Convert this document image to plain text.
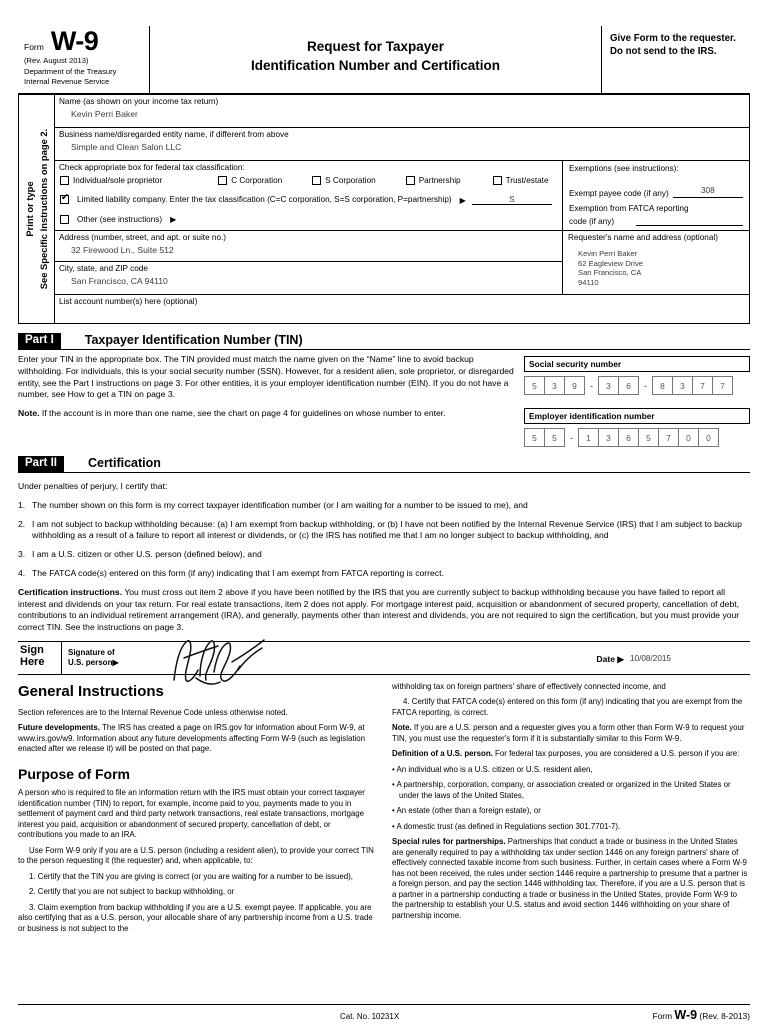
Form W-9
(Rev. August 2013)
Department of the Treasury
Internal Revenue Service
Request for Taxpayer
Identification Number and Certification
Give Form to the requester. Do not send to the IRS.
Print or type See Specific Instructions on page 2.
Name (as shown on your income tax return)
Kevin Perri Baker
Business name/disregarded entity name, if different from above
Simple and Clean Salon LLC
Check appropriate box for federal tax classification:
Individual/sole proprietor	C Corporation	S Corporation	Partnership	Trust/estate
✔
Limited liability company. Enter the tax classification (C=C corporation, S=S corporation, P=partnership) ▶	S
Other (see instructions) ▶
Exemptions (see instructions):
Exempt payee code (if any)	308
Exemption from FATCA reporting
code (if any)
Address (number, street, and apt. or suite no.)
32 Firewood Ln., Suite 512
City, state, and ZIP code
San Francisco, CA 94110
Requester's name and address (optional)
Kevin Perri Baker
62 Eagleview Drive
San Francisco, CA
94110
List account number(s) here (optional)
Part I	Taxpayer Identification Number (TIN)

Enter your TIN in the appropriate box. The TIN provided must match the name given on the “Name” line to avoid backup withholding. For individuals, this is your social security number (SSN). However, for a resident alien, sole proprietor, or disregarded entity, see the Part I instructions on page 3. For other entities, it is your employer identification number (EIN). If you do not have a number, see How to get a TIN on page 3.

Note. If the account is in more than one name, see the chart on page 4 for guidelines on whose number to enter.

Social security number
5	3	9	-	3	6	-	8	3	7	7
Employer identification number
5	5	-	1	3	6	5	7	0	0
Part II	Certification

Under penalties of perjury, I certify that:

1. The number shown on this form is my correct taxpayer identification number (or I am waiting for a number to be issued to me), and

2. I am not subject to backup withholding because: (a) I am exempt from backup withholding, or (b) I have not been notified by the Internal Revenue Service (IRS) that I am subject to backup withholding as a result of a failure to report all interest or dividends, or (c) the IRS has notified me that I am no longer subject to backup withholding, and

3. I am a U.S. citizen or other U.S. person (defined below), and

4. The FATCA code(s) entered on this form (if any) indicating that I am exempt from FATCA reporting is correct.

Certification instructions. You must cross out item 2 above if you have been notified by the IRS that you are currently subject to backup withholding because you have failed to report all interest and dividends on your tax return. For real estate transactions, item 2 does not apply. For mortgage interest paid, acquisition or abandonment of secured property, cancellation of debt, contributions to an individual retirement arrangement (IRA), and generally, payments other than interest and dividends, you are not required to sign the certification, but you must provide your correct TIN. See the instructions on page 3.

Sign
Here
Signature of
U.S. person▶	Date ▶ 10/08/2015
General Instructions

Section references are to the Internal Revenue Code unless otherwise noted.

Future developments. The IRS has created a page on IRS.gov for information about Form W-9, at www.irs.gov/w9. Information about any future developments affecting Form W-9 (such as legislation enacted after we release it) will be posted on that page.

Purpose of Form

A person who is required to file an information return with the IRS must obtain your correct taxpayer identification number (TIN) to report, for example, income paid to you, payments made to you in settlement of payment card and third party network transactions, real estate transactions, mortgage interest you paid, acquisition or abandonment of secured property, cancellation of debt, or contributions you made to an IRA.

Use Form W-9 only if you are a U.S. person (including a resident alien), to provide your correct TIN to the person requesting it (the requester) and, when applicable, to:

1. Certify that the TIN you are giving is correct (or you are waiting for a number to be issued),

2. Certify that you are not subject to backup withholding, or

3. Claim exemption from backup withholding if you are a U.S. exempt payee. If applicable, you are also certifying that as a U.S. person, your allocable share of any partnership income from a U.S. trade or business is not subject to the

withholding tax on foreign partners' share of effectively connected income, and

4. Certify that FATCA code(s) entered on this form (if any) indicating that you are exempt from the FATCA reporting, is correct.

Note. If you are a U.S. person and a requester gives you a form other than Form W-9 to request your TIN, you must use the requester's form if it is substantially similar to this Form W-9.

Definition of a U.S. person. For federal tax purposes, you are considered a U.S. person if you are:

• An individual who is a U.S. citizen or U.S. resident alien,

• A partnership, corporation, company, or association created or organized in the United States or under the laws of the United States,

• An estate (other than a foreign estate), or

• A domestic trust (as defined in Regulations section 301.7701-7).

Special rules for partnerships. Partnerships that conduct a trade or business in the United States are generally required to pay a withholding tax under section 1446 on any foreign partners' share of effectively connected taxable income from such business. Further, in certain cases where a Form W-9 has not been received, the rules under section 1446 require a partnership to presume that a partner is a foreign person, and pay the section 1446 withholding tax. Therefore, if you are a U.S. person that is a partner in a partnership conducting a trade or business in the United States, provide Form W-9 to the partnership to establish your U.S. status and avoid section 1446 withholding on your share of partnership income.

Cat. No. 10231X	Form W-9 (Rev. 8-2013)
